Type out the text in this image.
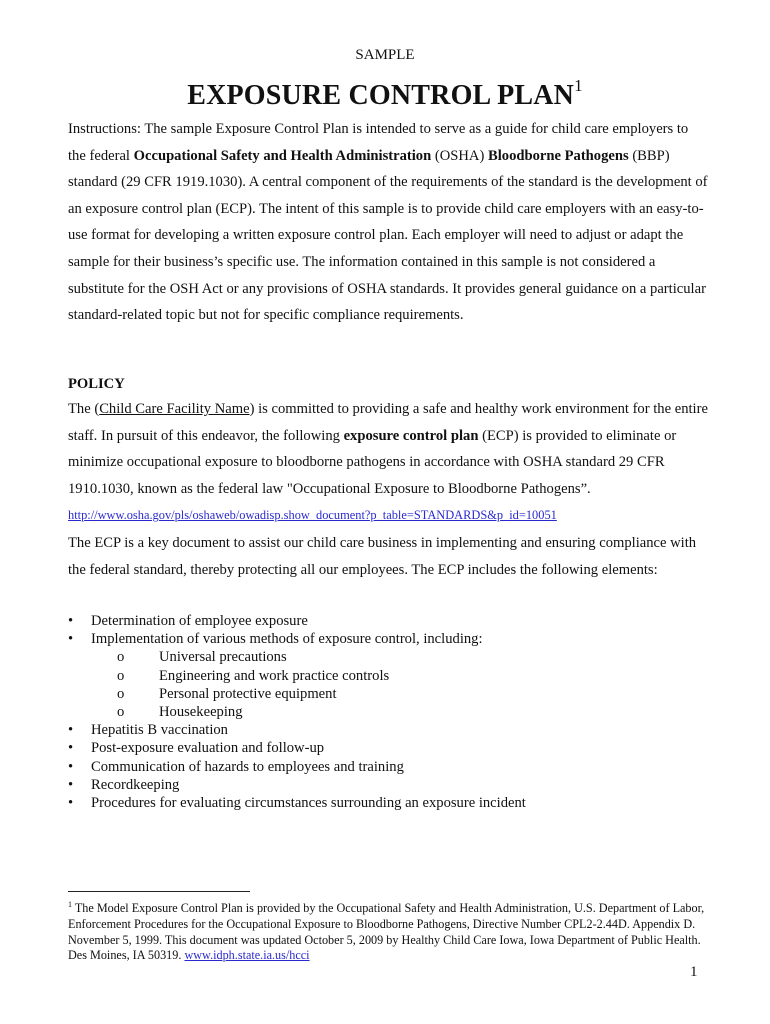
SAMPLE
EXPOSURE CONTROL PLAN$^1$

Instructions: The sample Exposure Control Plan is intended to serve as a guide for child care employers to the federal Occupational Safety and Health Administration (OSHA) Bloodborne Pathogens (BBP) standard (29 CFR 1919.1030). A central component of the requirements of the standard is the development of an exposure control plan (ECP). The intent of this sample is to provide child care employers with an easy-to-use format for developing a written exposure control plan. Each employer will need to adjust or adapt the sample for their business’s specific use. The information contained in this sample is not considered a substitute for the OSH Act or any provisions of OSHA standards. It provides general guidance on a particular standard-related topic but not for specific compliance requirements.

POLICY

The (Child Care Facility Name) is committed to providing a safe and healthy work environment for the entire staff. In pursuit of this endeavor, the following exposure control plan (ECP) is provided to eliminate or minimize occupational exposure to bloodborne pathogens in accordance with OSHA standard 29 CFR 1910.1030, known as the federal law "Occupational Exposure to Bloodborne Pathogens”. http://www.osha.gov/pls/oshaweb/owadisp.show_document?p_table=STANDARDS&p_id=10051

The ECP is a key document to assist our child care business in implementing and ensuring compliance with the federal standard, thereby protecting all our employees. The ECP includes the following elements:

• Determination of employee exposure
• Implementation of various methods of exposure control, including:
o Universal precautions
o Engineering and work practice controls
o Personal protective equipment
o Housekeeping
• Hepatitis B vaccination
• Post-exposure evaluation and follow-up
• Communication of hazards to employees and training
• Recordkeeping
• Procedures for evaluating circumstances surrounding an exposure incident

$^1$ The Model Exposure Control Plan is provided by the Occupational Safety and Health Administration, U.S. Department of Labor, Enforcement Procedures for the Occupational Exposure to Bloodborne Pathogens, Directive Number CPL2-2.44D. Appendix D. November 5, 1999. This document was updated October 5, 2009 by Healthy Child Care Iowa, Iowa Department of Public Health. Des Moines, IA 50319. www.idph.state.ia.us/hcci

1
